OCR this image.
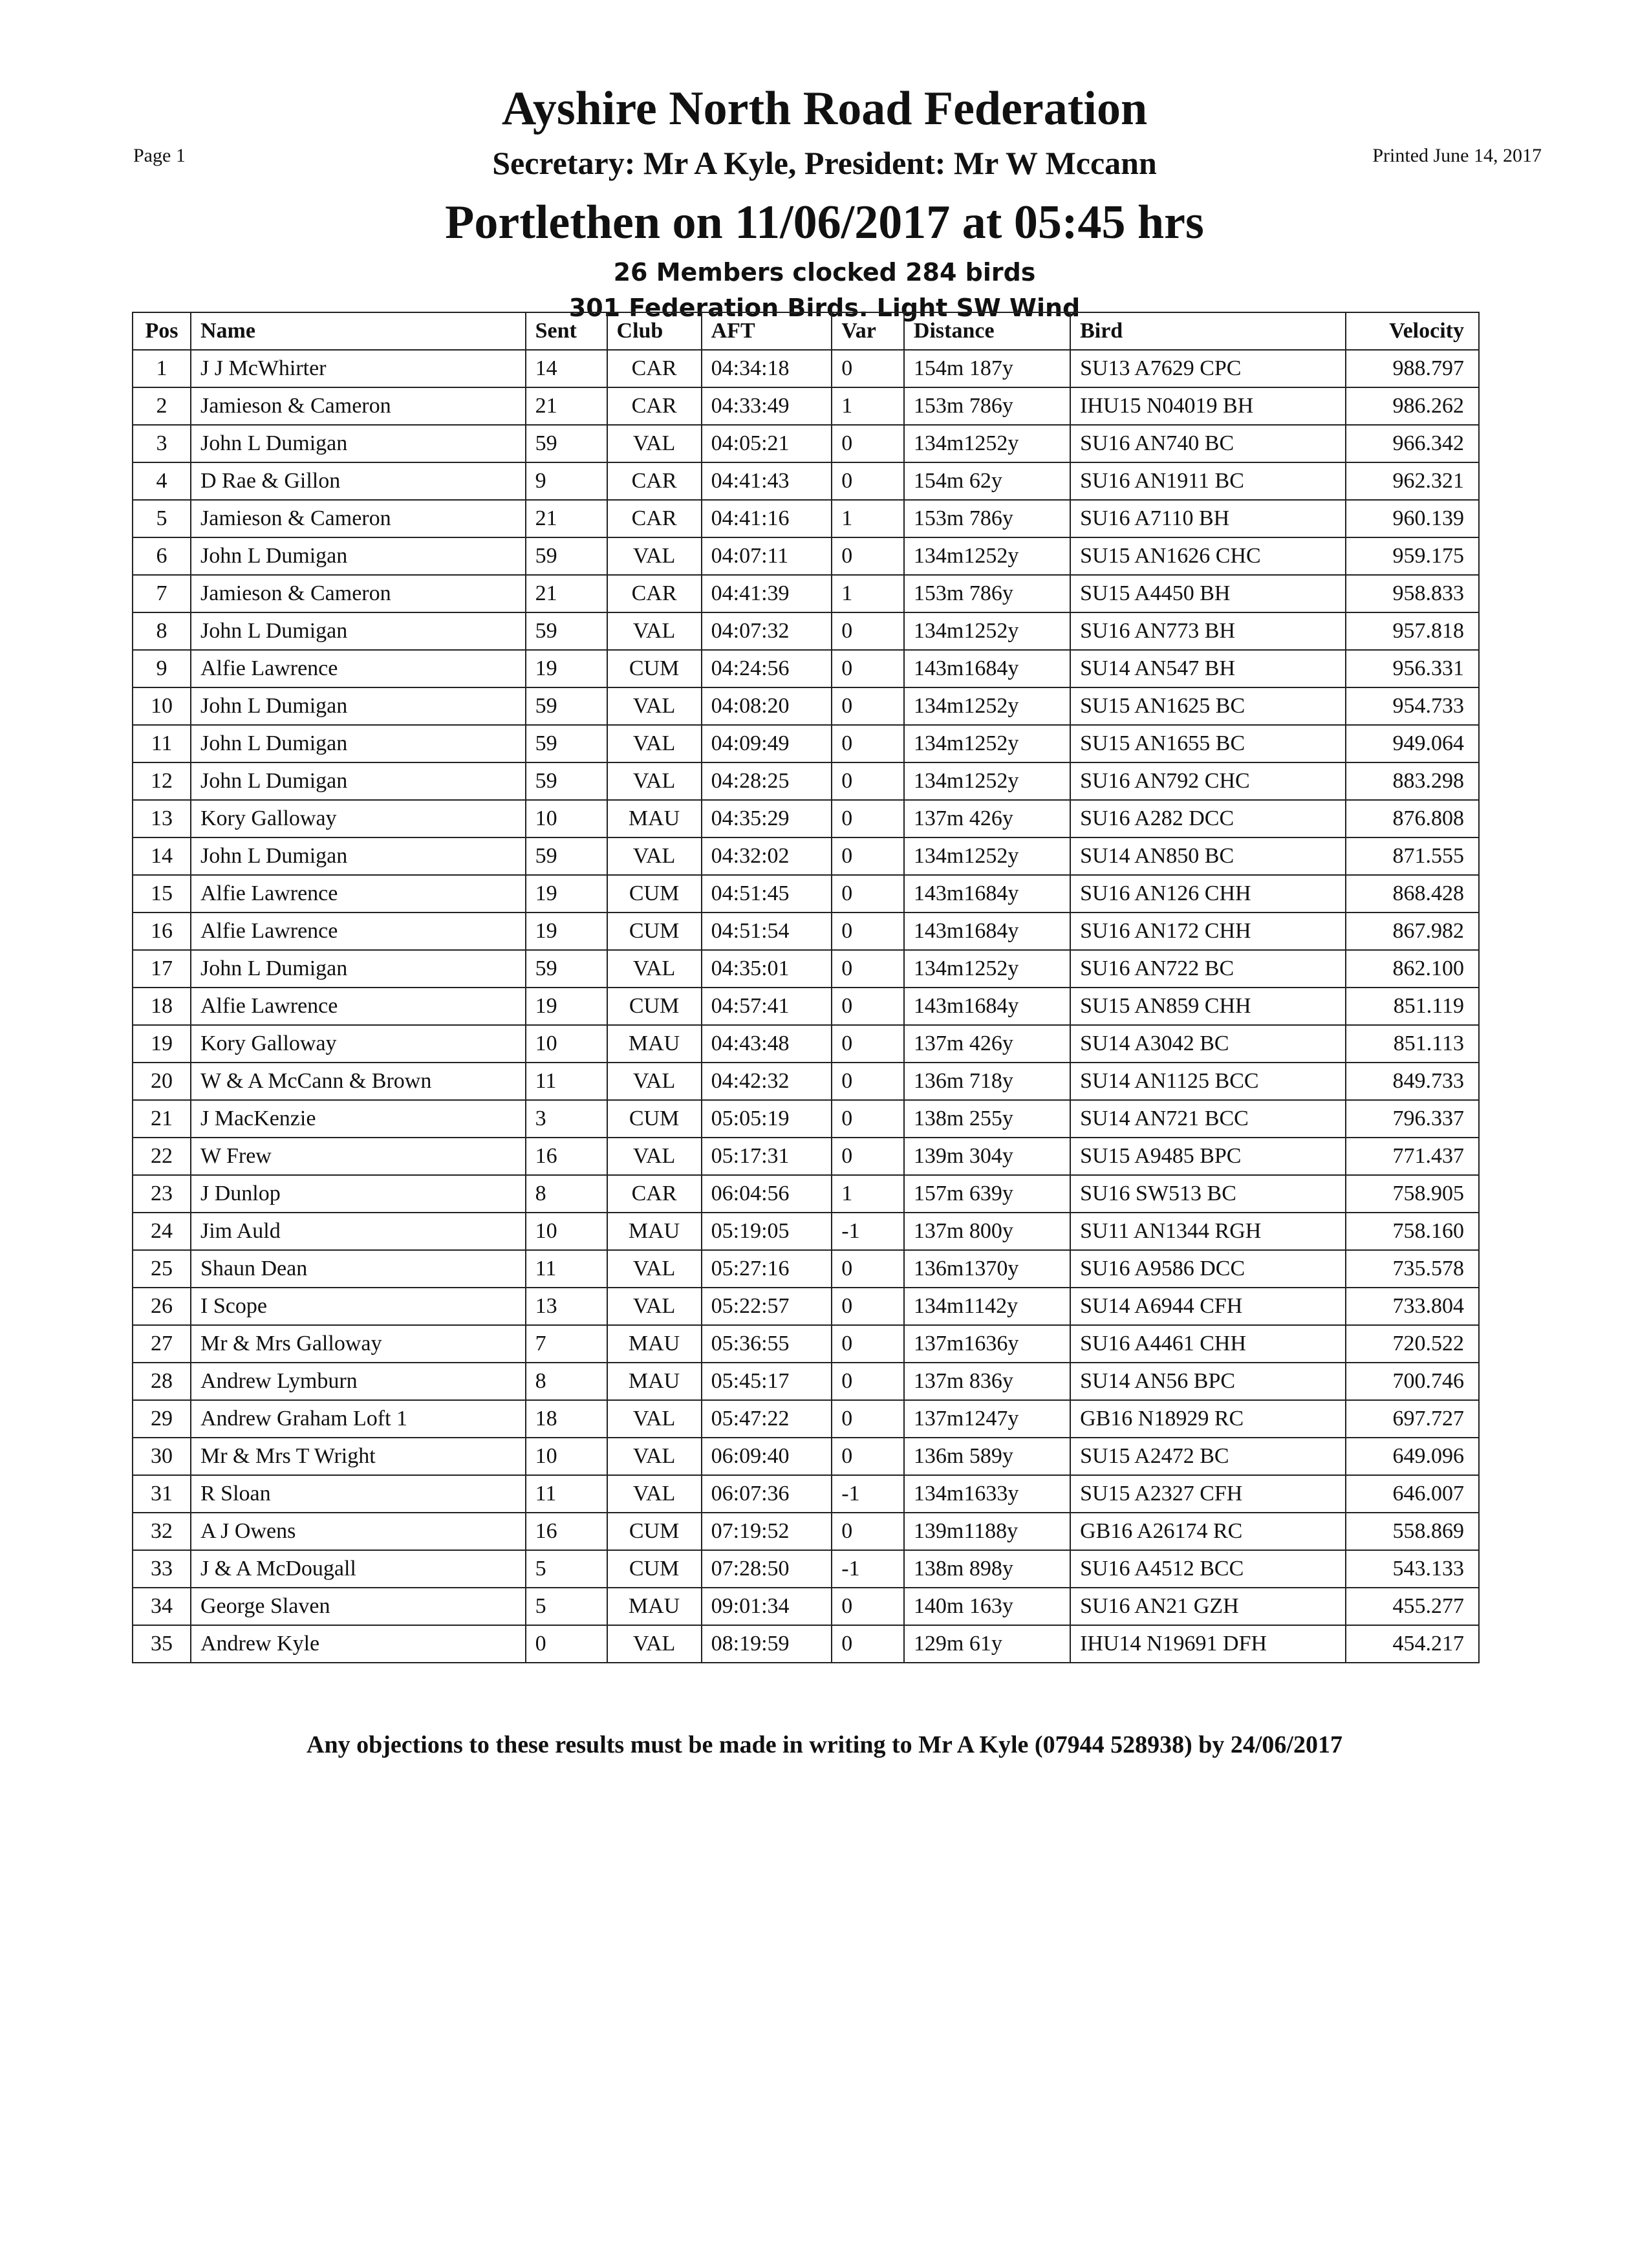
Page 1	Printed June 14, 2017
Ayshire North Road Federation
Secretary: Mr A Kyle, President: Mr W Mccann
Portlethen on 11/06/2017 at 05:45 hrs
26 Members clocked 284 birds
301 Federation Birds. Light SW Wind
Pos	Name	Sent	Club	AFT	Var	Distance	Bird	Velocity
1	J J McWhirter	14	CAR	04:34:18	0	154m 187y	SU13 A7629 CPC	988.797
2	Jamieson & Cameron	21	CAR	04:33:49	1	153m 786y	IHU15 N04019 BH	986.262
3	John L Dumigan	59	VAL	04:05:21	0	134m1252y	SU16 AN740 BC	966.342
4	D Rae & Gillon	9	CAR	04:41:43	0	154m 62y	SU16 AN1911 BC	962.321
5	Jamieson & Cameron	21	CAR	04:41:16	1	153m 786y	SU16 A7110 BH	960.139
6	John L Dumigan	59	VAL	04:07:11	0	134m1252y	SU15 AN1626 CHC	959.175
7	Jamieson & Cameron	21	CAR	04:41:39	1	153m 786y	SU15 A4450 BH	958.833
8	John L Dumigan	59	VAL	04:07:32	0	134m1252y	SU16 AN773 BH	957.818
9	Alfie Lawrence	19	CUM	04:24:56	0	143m1684y	SU14 AN547 BH	956.331
10	John L Dumigan	59	VAL	04:08:20	0	134m1252y	SU15 AN1625 BC	954.733
11	John L Dumigan	59	VAL	04:09:49	0	134m1252y	SU15 AN1655 BC	949.064
12	John L Dumigan	59	VAL	04:28:25	0	134m1252y	SU16 AN792 CHC	883.298
13	Kory Galloway	10	MAU	04:35:29	0	137m 426y	SU16 A282 DCC	876.808
14	John L Dumigan	59	VAL	04:32:02	0	134m1252y	SU14 AN850 BC	871.555
15	Alfie Lawrence	19	CUM	04:51:45	0	143m1684y	SU16 AN126 CHH	868.428
16	Alfie Lawrence	19	CUM	04:51:54	0	143m1684y	SU16 AN172 CHH	867.982
17	John L Dumigan	59	VAL	04:35:01	0	134m1252y	SU16 AN722 BC	862.100
18	Alfie Lawrence	19	CUM	04:57:41	0	143m1684y	SU15 AN859 CHH	851.119
19	Kory Galloway	10	MAU	04:43:48	0	137m 426y	SU14 A3042 BC	851.113
20	W & A McCann & Brown	11	VAL	04:42:32	0	136m 718y	SU14 AN1125 BCC	849.733
21	J MacKenzie	3	CUM	05:05:19	0	138m 255y	SU14 AN721 BCC	796.337
22	W Frew	16	VAL	05:17:31	0	139m 304y	SU15 A9485 BPC	771.437
23	J Dunlop	8	CAR	06:04:56	1	157m 639y	SU16 SW513 BC	758.905
24	Jim Auld	10	MAU	05:19:05	-1	137m 800y	SU11 AN1344 RGH	758.160
25	Shaun Dean	11	VAL	05:27:16	0	136m1370y	SU16 A9586 DCC	735.578
26	I Scope	13	VAL	05:22:57	0	134m1142y	SU14 A6944 CFH	733.804
27	Mr & Mrs Galloway	7	MAU	05:36:55	0	137m1636y	SU16 A4461 CHH	720.522
28	Andrew Lymburn	8	MAU	05:45:17	0	137m 836y	SU14 AN56 BPC	700.746
29	Andrew Graham Loft 1	18	VAL	05:47:22	0	137m1247y	GB16 N18929 RC	697.727
30	Mr & Mrs T Wright	10	VAL	06:09:40	0	136m 589y	SU15 A2472 BC	649.096
31	R Sloan	11	VAL	06:07:36	-1	134m1633y	SU15 A2327 CFH	646.007
32	A J Owens	16	CUM	07:19:52	0	139m1188y	GB16 A26174 RC	558.869
33	J & A McDougall	5	CUM	07:28:50	-1	138m 898y	SU16 A4512 BCC	543.133
34	George Slaven	5	MAU	09:01:34	0	140m 163y	SU16 AN21 GZH	455.277
35	Andrew Kyle	0	VAL	08:19:59	0	129m 61y	IHU14 N19691 DFH	454.217
Any objections to these results must be made in writing to Mr A Kyle (07944 528938) by 24/06/2017
